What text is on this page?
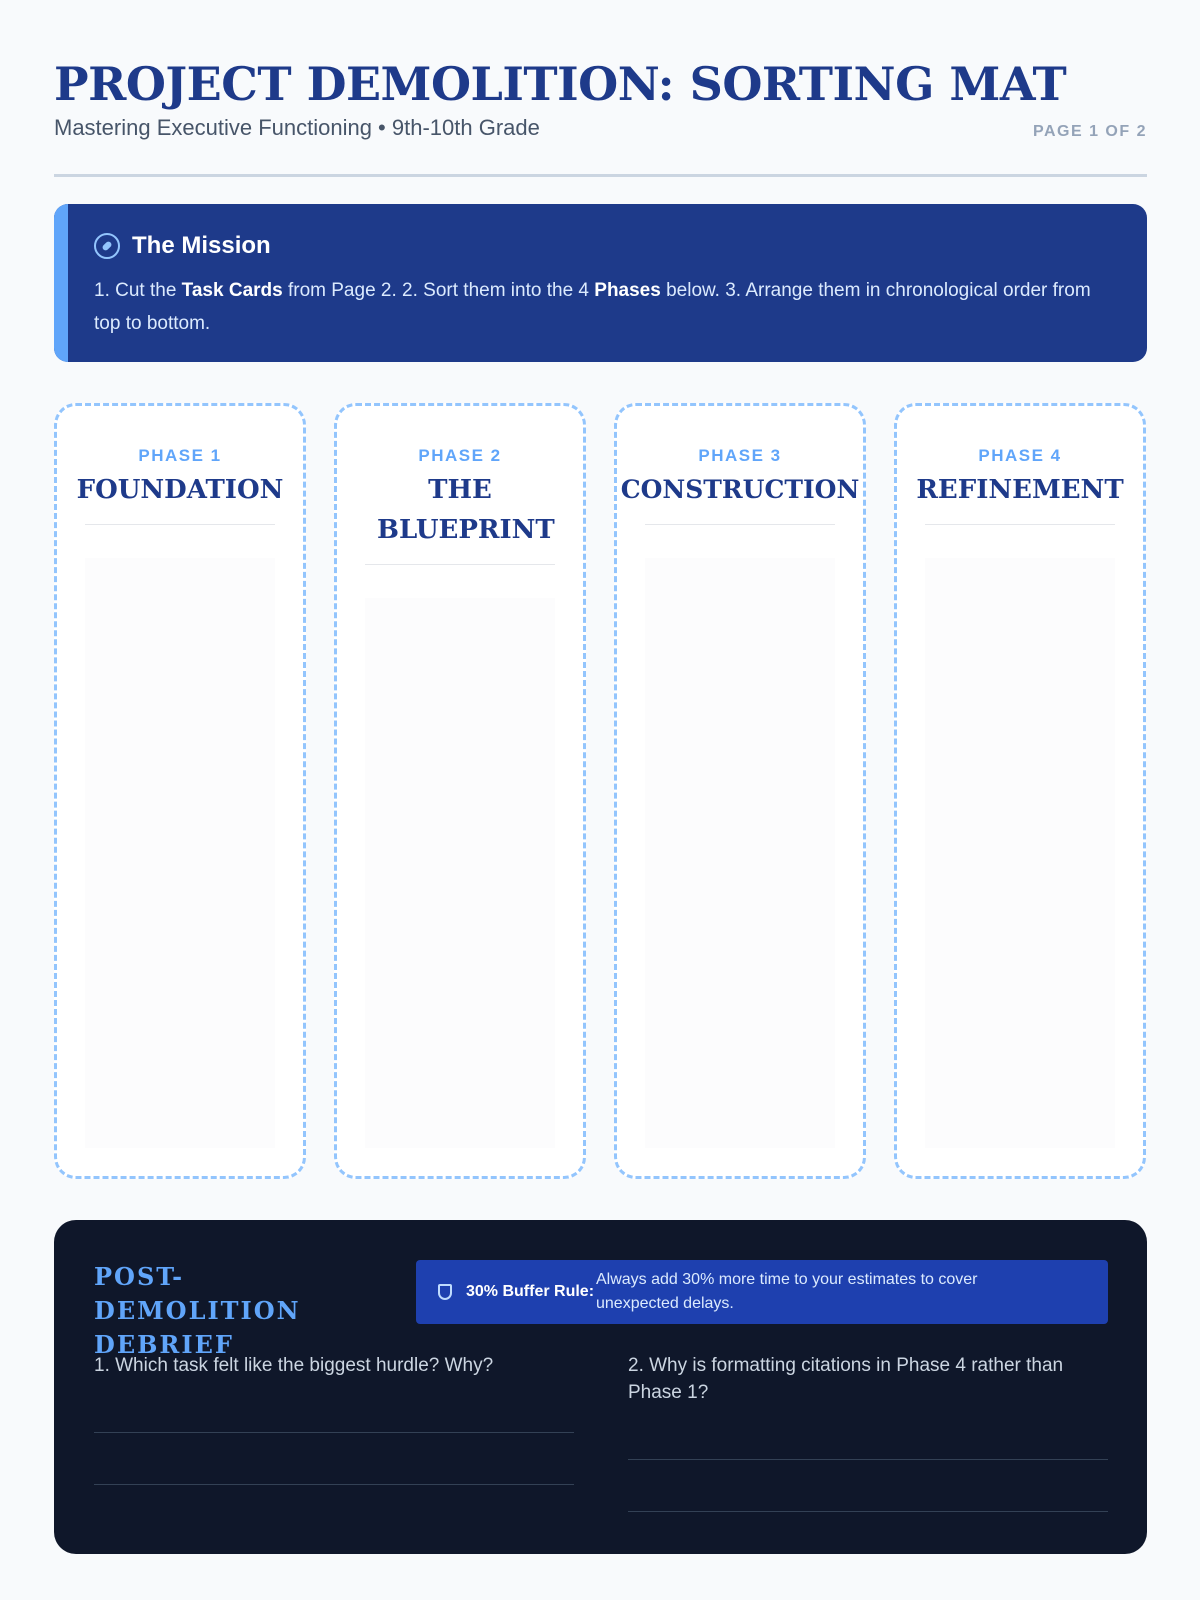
PROJECT DEMOLITION: SORTING MAT
Mastering Executive Functioning • 9th-10th Grade	PAGE 1 OF 2
The Mission
1. Cut the Task Cards from Page 2. 2. Sort them into the 4 Phases below. 3. Arrange them in chronological order from top to bottom.
PHASE 1
FOUNDATION
PHASE 2
THE BLUEPRINT
PHASE 3
CONSTRUCTION
PHASE 4
REFINEMENT
POST-DEMOLITION DEBRIEF
30% Buffer Rule:
Always add 30% more time to your estimates to cover unexpected delays.
1. Which task felt like the biggest hurdle? Why?	2. Why is formatting citations in Phase 4 rather than Phase 1?
